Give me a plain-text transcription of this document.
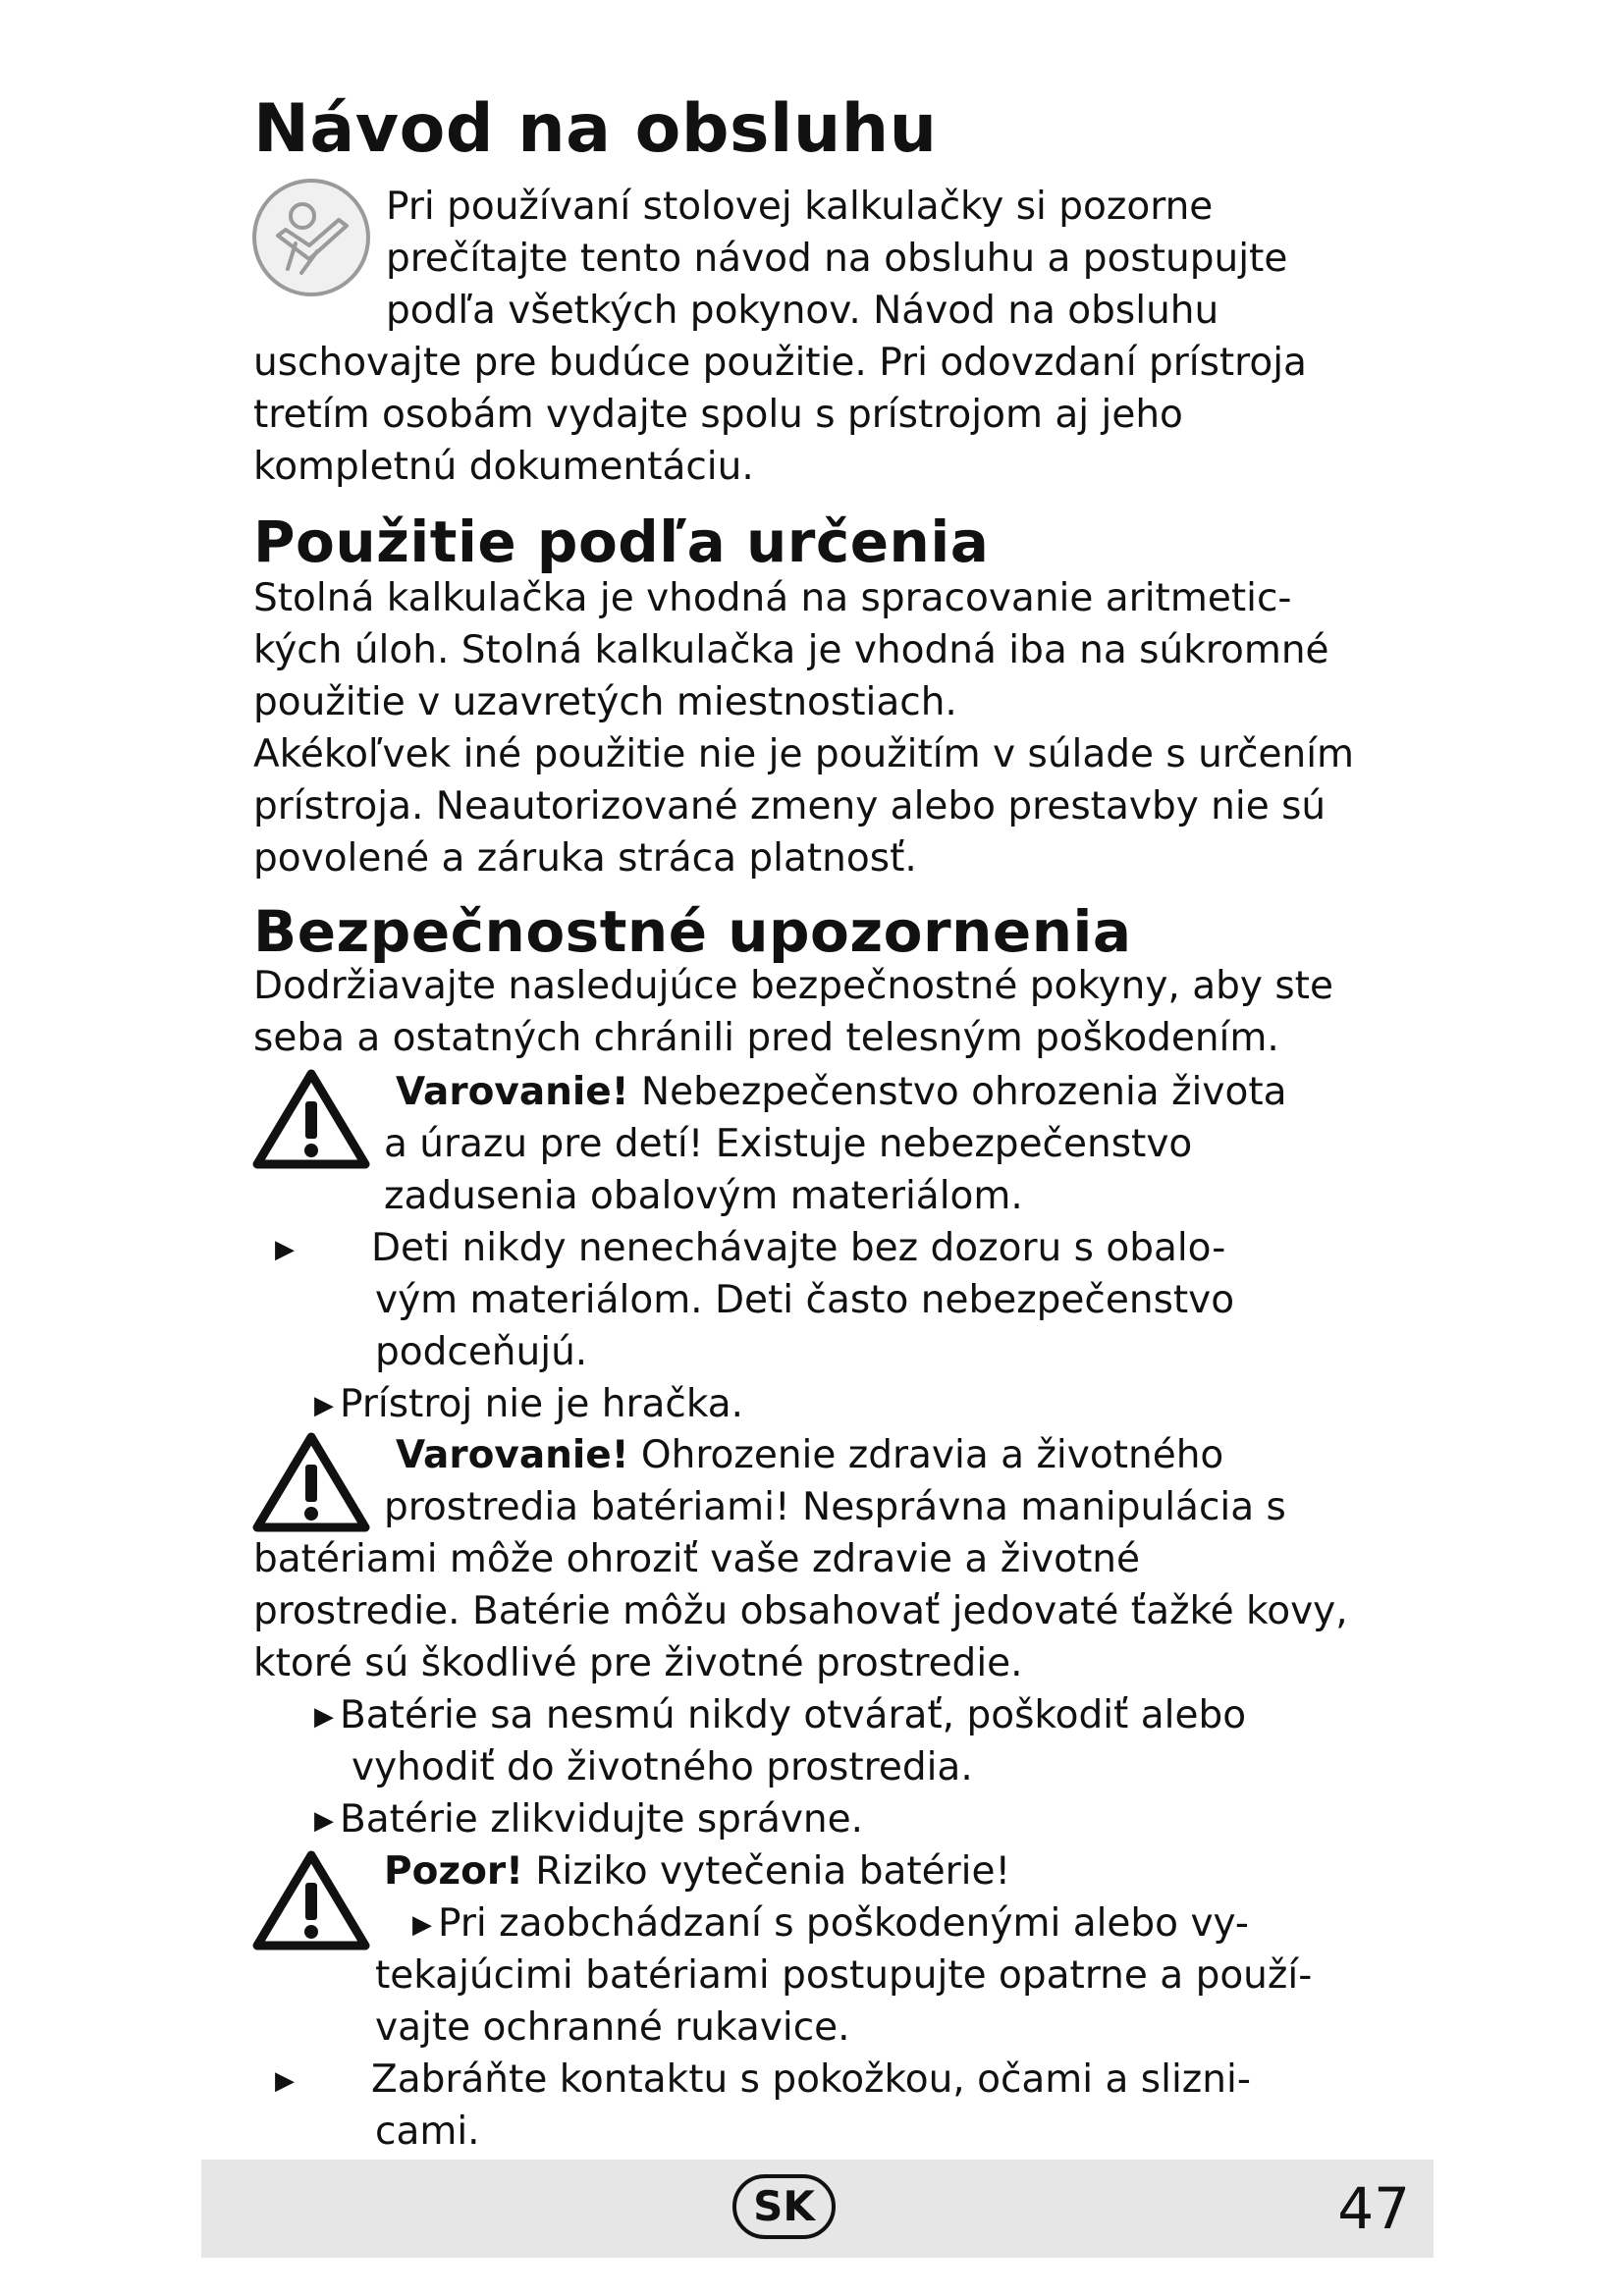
Návod na obsluhu
Pri používaní stolovej kalkulačky si pozorne
prečítajte tento návod na obsluhu a postupujte
podľa všetkých pokynov. Návod na obsluhu
uschovajte pre budúce použitie. Pri odovzdaní prístroja
tretím osobám vydajte spolu s prístrojom aj jeho
kompletnú dokumentáciu.
Použitie podľa určenia
Stolná kalkulačka je vhodná na spracovanie aritmetic-
kých úloh. Stolná kalkulačka je vhodná iba na súkromné
použitie v uzavretých miestnostiach.
Akékoľvek iné použitie nie je použitím v súlade s určením
prístroja. Neautorizované zmeny alebo prestavby nie sú
povolené a záruka stráca platnosť.
Bezpečnostné upozornenia
Dodržiavajte nasledujúce bezpečnostné pokyny, aby ste
seba a ostatných chránili pred telesným poškodením.
Varovanie! Nebezpečenstvo ohrozenia života
a úrazu pre detí! Existuje nebezpečenstvo
zadusenia obalovým materiálom.
▶ Deti nikdy nenechávajte bez dozoru s obalo-
vým materiálom. Deti často nebezpečenstvo
podceňujú.
▶ Prístroj nie je hračka.
Varovanie! Ohrozenie zdravia a životného
prostredia batériami! Nesprávna manipulácia s
batériami môže ohroziť vaše zdravie a životné
prostredie. Batérie môžu obsahovať jedovaté ťažké kovy,
ktoré sú škodlivé pre životné prostredie.
▶ Batérie sa nesmú nikdy otvárať, poškodiť alebo
vyhodiť do životného prostredia.
▶ Batérie zlikvidujte správne.
Pozor! Riziko vytečenia batérie!
▶ Pri zaobchádzaní s poškodenými alebo vy-
tekajúcimi batériami postupujte opatrne a použí-
vajte ochranné rukavice.
▶ Zabráňte kontaktu s pokožkou, očami a slizni-
cami.
SK	47
